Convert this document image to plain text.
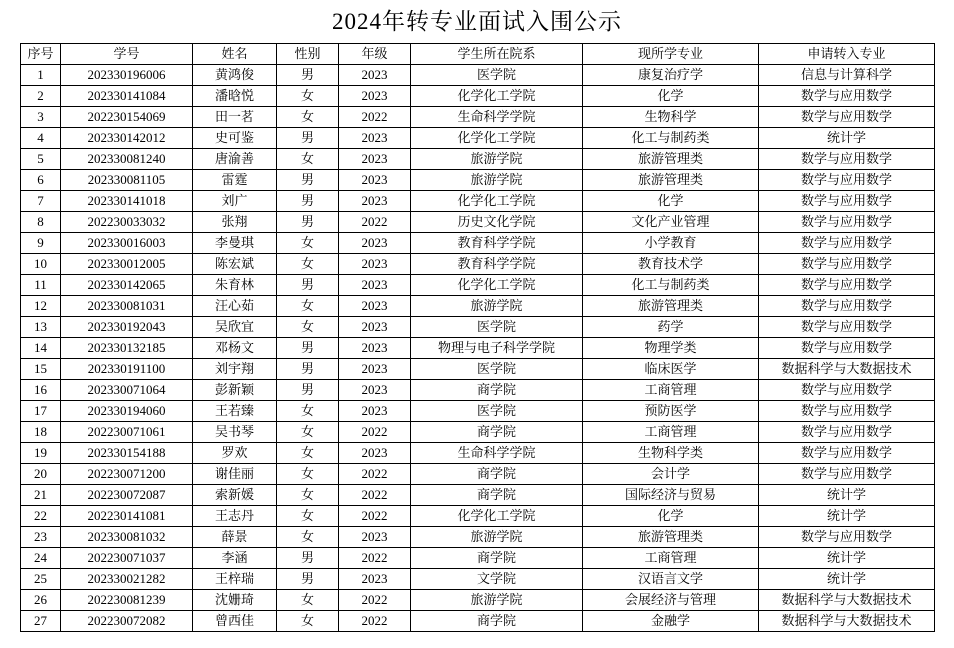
2024年转专业面试入围公示
序号	学号	姓名	性别	年级	学生所在院系	现所学专业	申请转入专业
1	202330196006	黄鸿俊	男	2023	医学院	康复治疗学	信息与计算科学
2	202330141084	潘晗悦	女	2023	化学化工学院	化学	数学与应用数学
3	202230154069	田一茗	女	2022	生命科学学院	生物科学	数学与应用数学
4	202330142012	史可鉴	男	2023	化学化工学院	化工与制药类	统计学
5	202330081240	唐渝善	女	2023	旅游学院	旅游管理类	数学与应用数学
6	202330081105	雷霆	男	2023	旅游学院	旅游管理类	数学与应用数学
7	202330141018	刘广	男	2023	化学化工学院	化学	数学与应用数学
8	202230033032	张翔	男	2022	历史文化学院	文化产业管理	数学与应用数学
9	202330016003	李曼琪	女	2023	教育科学学院	小学教育	数学与应用数学
10	202330012005	陈宏斌	女	2023	教育科学学院	教育技术学	数学与应用数学
11	202330142065	朱育林	男	2023	化学化工学院	化工与制药类	数学与应用数学
12	202330081031	汪心茹	女	2023	旅游学院	旅游管理类	数学与应用数学
13	202330192043	吴欣宜	女	2023	医学院	药学	数学与应用数学
14	202330132185	邓杨文	男	2023	物理与电子科学学院	物理学类	数学与应用数学
15	202330191100	刘宇翔	男	2023	医学院	临床医学	数据科学与大数据技术
16	202330071064	彭新颖	男	2023	商学院	工商管理	数学与应用数学
17	202330194060	王若臻	女	2023	医学院	预防医学	数学与应用数学
18	202230071061	吴书琴	女	2022	商学院	工商管理	数学与应用数学
19	202330154188	罗欢	女	2023	生命科学学院	生物科学类	数学与应用数学
20	202230071200	谢佳丽	女	2022	商学院	会计学	数学与应用数学
21	202230072087	索新媛	女	2022	商学院	国际经济与贸易	统计学
22	202230141081	王志丹	女	2022	化学化工学院	化学	统计学
23	202330081032	薛景	女	2023	旅游学院	旅游管理类	数学与应用数学
24	202230071037	李涵	男	2022	商学院	工商管理	统计学
25	202330021282	王梓瑞	男	2023	文学院	汉语言文学	统计学
26	202230081239	沈姗琦	女	2022	旅游学院	会展经济与管理	数据科学与大数据技术
27	202230072082	曾西佳	女	2022	商学院	金融学	数据科学与大数据技术
